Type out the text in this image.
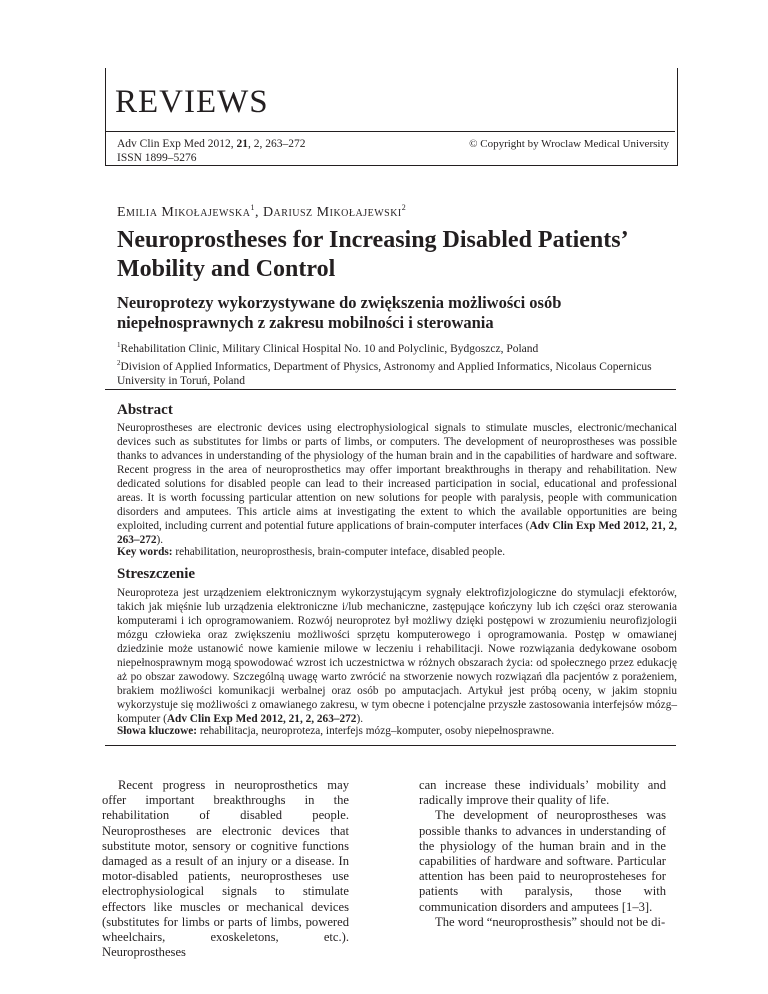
REVIEWS
Adv Clin Exp Med 2012, 21, 2, 263–272
ISSN 1899–5276
© Copyright by Wroclaw Medical University
Emilia Mikołajewska$^1$, Dariusz Mikołajewski$^2$
Neuroprostheses for Increasing Disabled Patients’ Mobility and Control
Neuroprotezy wykorzystywane do zwiększenia możliwości osób niepełnosprawnych z zakresu mobilności i sterowania
$^1$Rehabilitation Clinic, Military Clinical Hospital No. 10 and Polyclinic, Bydgoszcz, Poland
$^2$Division of Applied Informatics, Department of Physics, Astronomy and Applied Informatics, Nicolaus Copernicus University in Toruń, Poland
Abstract
Neuroprostheses are electronic devices using electrophysiological signals to stimulate muscles, electronic/mechanical devices such as substitutes for limbs or parts of limbs, or computers. The development of neuroprostheses was possible thanks to advances in understanding of the physiology of the human brain and in the capabilities of hardware and software. Recent progress in the area of neuroprosthetics may offer important breakthroughs in therapy and rehabilitation. New dedicated solutions for disabled people can lead to their increased participation in social, educational and professional areas. It is worth focussing particular attention on new solutions for people with paralysis, people with communication disorders and amputees. This article aims at investigating the extent to which the available opportunities are being exploited, including current and potential future applications of brain-computer interfaces (Adv Clin Exp Med 2012, 21, 2, 263–272).
Key words: rehabilitation, neuroprosthesis, brain-computer inteface, disabled people.
Streszczenie
Neuroproteza jest urządzeniem elektronicznym wykorzystującym sygnały elektrofizjologiczne do stymulacji efektorów, takich jak mięśnie lub urządzenia elektroniczne i/lub mechaniczne, zastępujące kończyny lub ich części oraz sterowania komputerami i ich oprogramowaniem. Rozwój neuroprotez był możliwy dzięki postępowi w zrozumieniu neurofizjologii mózgu człowieka oraz zwiększeniu możliwości sprzętu komputerowego i oprogramowania. Postęp w omawianej dziedzinie może ustanowić nowe kamienie milowe w leczeniu i rehabilitacji. Nowe rozwiązania dedykowane osobom niepełnosprawnym mogą spowodować wzrost ich uczestnictwa w różnych obszarach życia: od społecznego przez edukację aż po obszar zawodowy. Szczególną uwagę warto zwrócić na stworzenie nowych rozwiązań dla pacjentów z porażeniem, brakiem możliwości komunikacji werbalnej oraz osób po amputacjach. Artykuł jest próbą oceny, w jakim stopniu wykorzystuje się możliwości z omawianego zakresu, w tym obecne i potencjalne przyszłe zastosowania interfejsów mózg–komputer (Adv Clin Exp Med 2012, 21, 2, 263–272).
Słowa kluczowe: rehabilitacja, neuroproteza, interfejs mózg–komputer, osoby niepełnosprawne.

Recent progress in neuroprosthetics may offer important breakthroughs in the rehabilitation of disabled people. Neuroprostheses are electronic devices that substitute motor, sensory or cognitive functions damaged as a result of an injury or a disease. In motor-disabled patients, neuroprostheses use electrophysiological signals to stimulate effectors like muscles or mechanical devices (substitutes for limbs or parts of limbs, powered wheelchairs, exoskeletons, etc.). Neuroprostheses

can increase these individuals’ mobility and radically improve their quality of life.

The development of neuroprostheses was possible thanks to advances in understanding of the physiology of the human brain and in the capabilities of hardware and software. Particular attention has been paid to neuroprosteheses for patients with paralysis, those with communication disorders and amputees [1–3].

The word “neuroprosthesis” should not be di-
